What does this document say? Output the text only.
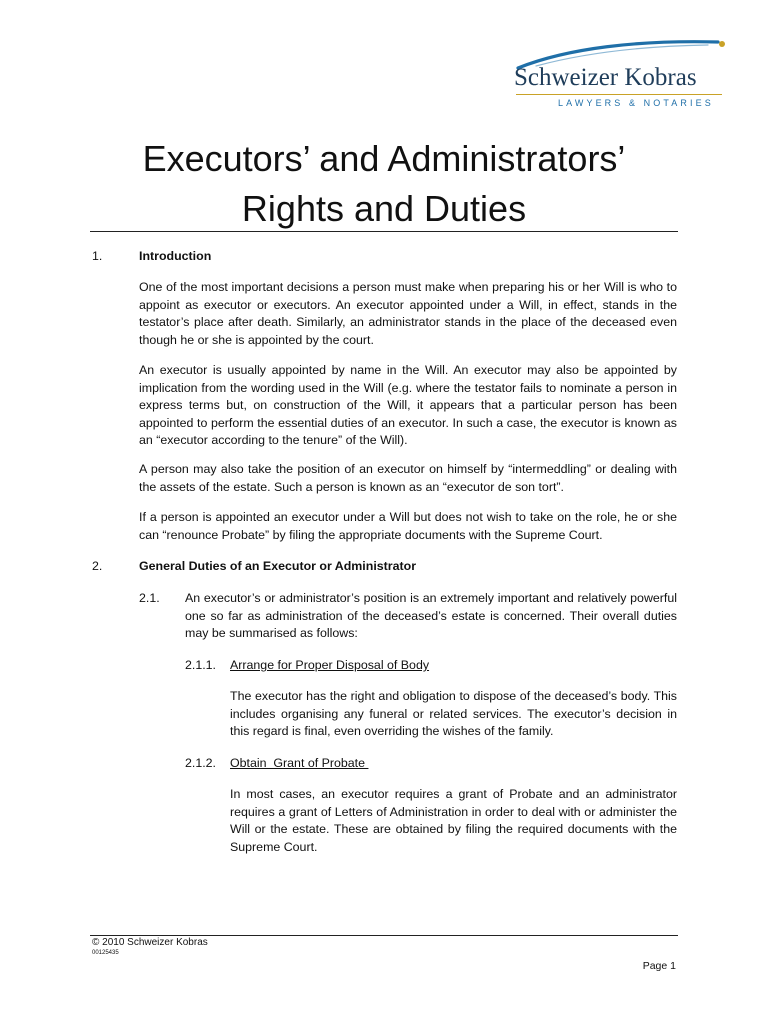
Schweizer Kobras
LAWYERS & NOTARIES
Executors’ and Administrators’
Rights and Duties
1.	Introduction
One of the most important decisions a person must make when preparing his or her Will is who to appoint as executor or executors. An executor appointed under a Will, in effect, stands in the testator’s place after death. Similarly, an administrator stands in the place of the deceased even though he or she is appointed by the court.
An executor is usually appointed by name in the Will. An executor may also be appointed by implication from the wording used in the Will (e.g. where the testator fails to nominate a person in express terms but, on construction of the Will, it appears that a particular person has been appointed to perform the essential duties of an executor. In such a case, the executor is known as an “executor according to the tenure” of the Will).
A person may also take the position of an executor on himself by “intermeddling” or dealing with the assets of the estate. Such a person is known as an “executor de son tort”.
If a person is appointed an executor under a Will but does not wish to take on the role, he or she can “renounce Probate” by filing the appropriate documents with the Supreme Court.
2.	General Duties of an Executor or Administrator
2.1. An executor’s or administrator’s position is an extremely important and relatively powerful one so far as administration of the deceased’s estate is concerned. Their overall duties may be summarised as follows:
2.1.1. Arrange for Proper Disposal of Body
The executor has the right and obligation to dispose of the deceased’s body. This includes organising any funeral or related services. The executor’s decision in this regard is final, even overriding the wishes of the family.
2.1.2. Obtain  Grant of Probate
In most cases, an executor requires a grant of Probate and an administrator requires a grant of Letters of Administration in order to deal with or administer the Will or the estate. These are obtained by filing the required documents with the Supreme Court.
© 2010 Schweizer Kobras
00125435
Page 1
